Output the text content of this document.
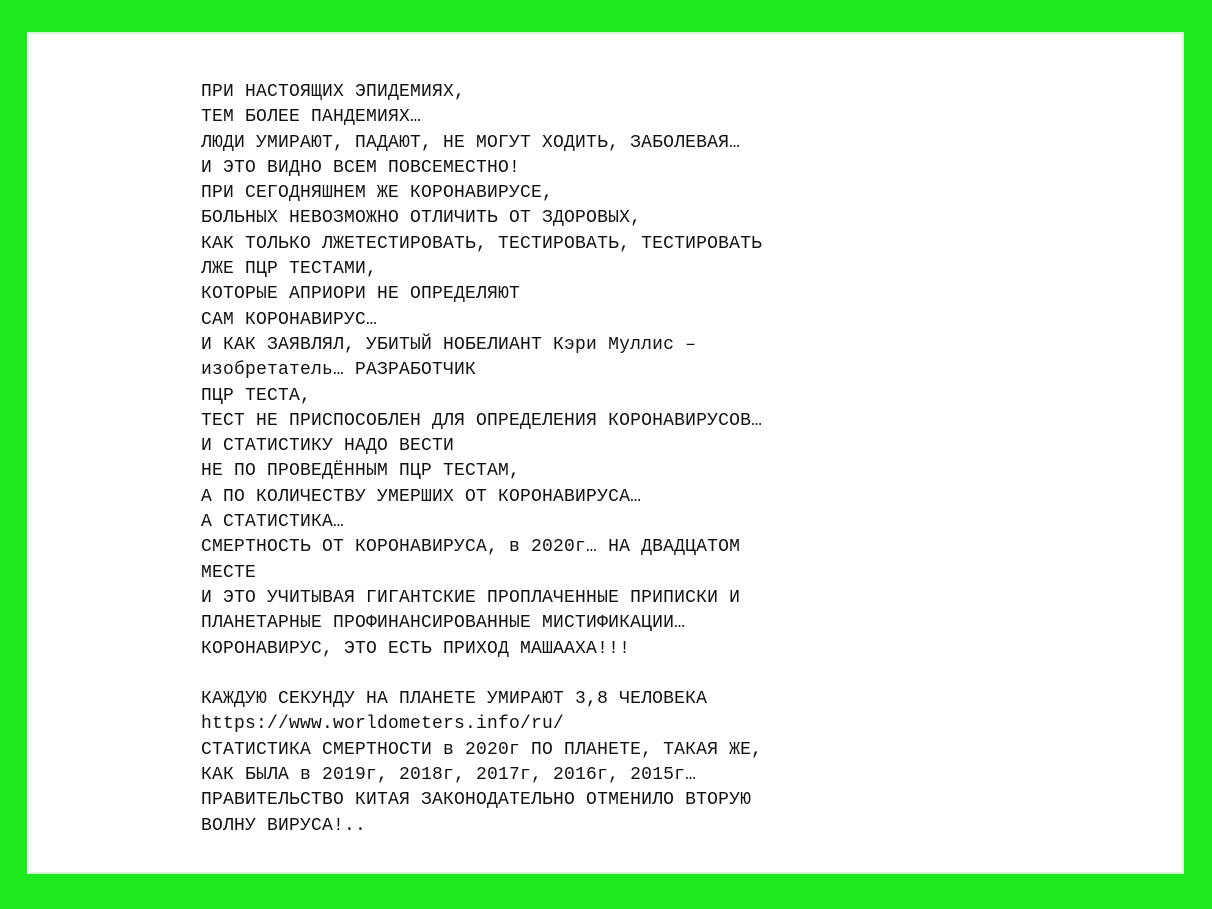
ПРИ НАСТОЯЩИХ ЭПИДЕМИЯХ,
ТЕМ БОЛЕЕ ПАНДЕМИЯХ…
ЛЮДИ УМИРАЮТ, ПАДАЮТ, НЕ МОГУТ ХОДИТЬ, ЗАБОЛЕВАЯ…
И ЭТО ВИДНО ВСЕМ ПОВСЕМЕСТНО!
ПРИ СЕГОДНЯШНЕМ ЖЕ КОРОНАВИРУСЕ,
БОЛЬНЫХ НЕВОЗМОЖНО ОТЛИЧИТЬ ОТ ЗДОРОВЫХ,
КАК ТОЛЬКО ЛЖЕТЕСТИРОВАТЬ, ТЕСТИРОВАТЬ, ТЕСТИРОВАТЬ
ЛЖЕ ПЦР ТЕСТАМИ,
КОТОРЫЕ АПРИОРИ НЕ ОПРЕДЕЛЯЮТ
САМ КОРОНАВИРУС…
И КАК ЗАЯВЛЯЛ, УБИТЫЙ НОБЕЛИАНТ Кэри Муллис –
изобретатель… РАЗРАБОТЧИК
ПЦР ТЕСТА,
ТЕСТ НЕ ПРИСПОСОБЛЕН ДЛЯ ОПРЕДЕЛЕНИЯ КОРОНАВИРУСОВ…
И СТАТИСТИКУ НАДО ВЕСТИ
НЕ ПО ПРОВЕДЁННЫМ ПЦР ТЕСТАМ,
А ПО КОЛИЧЕСТВУ УМЕРШИХ ОТ КОРОНАВИРУСА…
А СТАТИСТИКА…
СМЕРТНОСТЬ ОТ КОРОНАВИРУСА, в 2020г… НА ДВАДЦАТОМ
МЕСТЕ
И ЭТО УЧИТЫВАЯ ГИГАНТСКИЕ ПРОПЛАЧЕННЫЕ ПРИПИСКИ И
ПЛАНЕТАРНЫЕ ПРОФИНАНСИРОВАННЫЕ МИСТИФИКАЦИИ…
КОРОНАВИРУС, ЭТО ЕСТЬ ПРИХОД МАШААХА!!!
КАЖДУЮ СЕКУНДУ НА ПЛАНЕТЕ УМИРАЮТ 3,8 ЧЕЛОВЕКА
https://www.worldometers.info/ru/
СТАТИСТИКА СМЕРТНОСТИ в 2020г ПО ПЛАНЕТЕ, ТАКАЯ ЖЕ,
КАК БЫЛА в 2019г, 2018г, 2017г, 2016г, 2015г…
ПРАВИТЕЛЬСТВО КИТАЯ ЗАКОНОДАТЕЛЬНО ОТМЕНИЛО ВТОРУЮ
ВОЛНУ ВИРУСА!..
